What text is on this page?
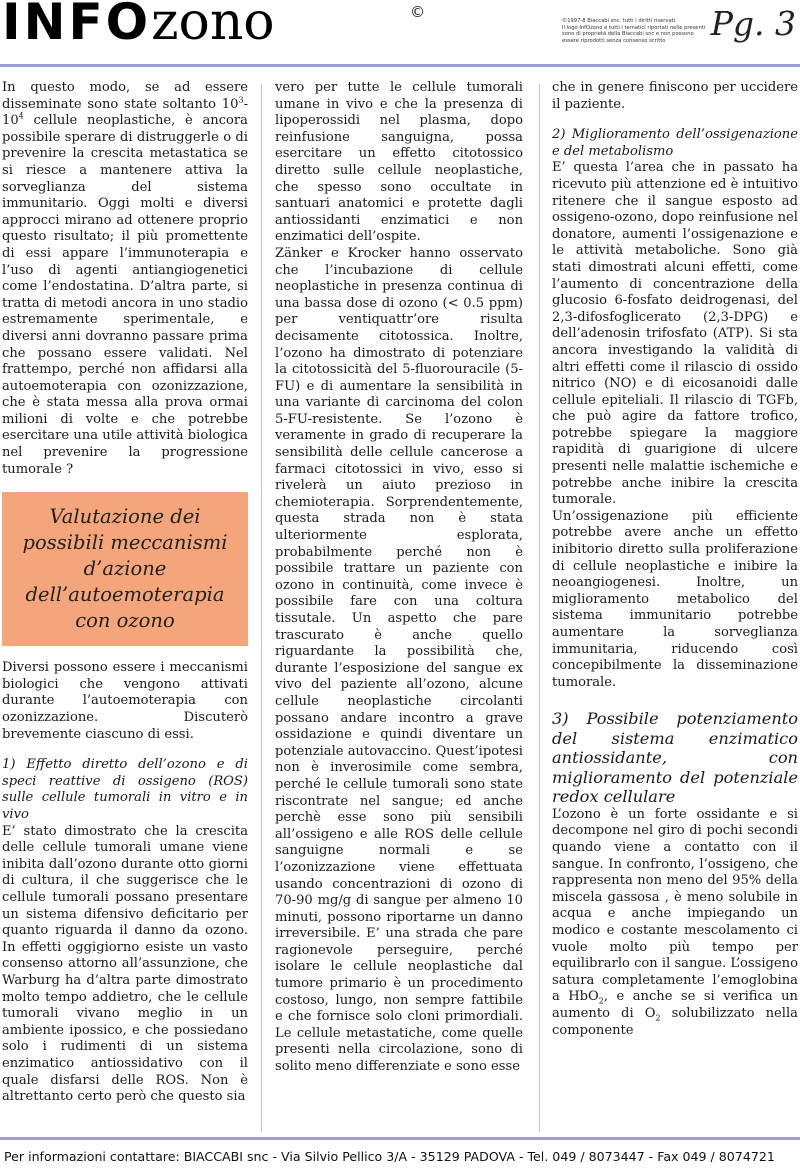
INFOzono	©	©1997-8 Biaccabi snc. tutti i diritti riservati.
Il logo InfOzono e tutti i tematici riportati nelle presenti
sono di proprietà della Biaccabi snc e non possono
essere riprodotti senza consenso scritto	Pg. 3

In questo modo, se ad essere disseminate sono state soltanto $10^3-10^4$ cellule neoplastiche, è ancora possibile sperare di distruggerle o di prevenire la crescita metastatica se si riesce a mantenere attiva la sorveglianza del sistema immunitario. Oggi molti e diversi approcci mirano ad ottenere proprio questo risultato; il più promettente di essi appare l’immunoterapia e l’uso di agenti antiangiogenetici come l’endostatina. D’altra parte, si tratta di metodi ancora in uno stadio estremamente sperimentale, e diversi anni dovranno passare prima che possano essere validati. Nel frattempo, perché non affidarsi alla autoemoterapia con ozonizzazione, che è stata messa alla prova ormai milioni di volte e che potrebbe esercitare una utile attività biologica nel prevenire la progressione tumorale ?

Valutazione dei possibili meccanismi d’azione dell’autoemoterapia con ozono

Diversi possono essere i meccanismi biologici che vengono attivati durante l’autoemoterapia con ozonizzazione. Discuterò brevemente ciascuno di essi.

1) Effetto diretto dell’ozono e di speci reattive di ossigeno (ROS) sulle cellule tumorali in vitro e in vivo

E’ stato dimostrato che la crescita delle cellule tumorali umane viene inibita dall’ozono durante otto giorni di cultura, il che suggerisce che le cellule tumorali possano presentare un sistema difensivo deficitario per quanto riguarda il danno da ozono. In effetti oggigiorno esiste un vasto consenso attorno all’assunzione, che Warburg ha d’altra parte dimostrato molto tempo addietro, che le cellule tumorali vivano meglio in un ambiente ipossico, e che possiedano solo i rudimenti di un sistema enzimatico antiossidativo con il quale disfarsi delle ROS. Non è altrettanto certo però che questo sia

vero per tutte le cellule tumorali umane in vivo e che la presenza di lipoperossidi nel plasma, dopo reinfusione sanguigna, possa esercitare un effetto citotossico diretto sulle cellule neoplastiche, che spesso sono occultate in santuari anatomici e protette dagli antiossidanti enzimatici e non enzimatici dell’ospite.

Zänker e Krocker hanno osservato che l’incubazione di cellule neoplastiche in presenza continua di una bassa dose di ozono (< 0.5 ppm) per ventiquattr’ore risulta decisamente citotossica. Inoltre, l’ozono ha dimostrato di potenziare la citotossicità del 5-fluorouracile (5-FU) e di aumentare la sensibilità in una variante di carcinoma del colon 5-FU-resistente. Se l’ozono è veramente in grado di recuperare la sensibilità delle cellule cancerose a farmaci citotossici in vivo, esso si rivelerà un aiuto prezioso in chemioterapia. Sorprendentemente, questa strada non è stata ulteriormente esplorata, probabilmente perché non è possibile trattare un paziente con ozono in continuità, come invece è possibile fare con una coltura tissutale. Un aspetto che pare trascurato è anche quello riguardante la possibilità che, durante l’esposizione del sangue ex vivo del paziente all’ozono, alcune cellule neoplastiche circolanti possano andare incontro a grave ossidazione e quindi diventare un potenziale autovaccino. Quest’ipotesi non è inverosimile come sembra, perché le cellule tumorali sono state riscontrate nel sangue; ed anche perchè esse sono più sensibili all’ossigeno e alle ROS delle cellule sanguigne normali e se l’ozonizzazione viene effettuata usando concentrazioni di ozono di 70-90 mg/g di sangue per almeno 10 minuti, possono riportarne un danno irreversibile. E’ una strada che pare ragionevole perseguire, perché isolare le cellule neoplastiche dal tumore primario è un procedimento costoso, lungo, non sempre fattibile e che fornisce solo cloni primordiali. Le cellule metastatiche, come quelle presenti nella circolazione, sono di solito meno differenziate e sono esse

che in genere finiscono per uccidere il paziente.

2) Miglioramento dell’ossigenazione e del metabolismo

E’ questa l’area che in passato ha ricevuto più attenzione ed è intuitivo ritenere che il sangue esposto ad ossigeno-ozono, dopo reinfusione nel donatore, aumenti l’ossigenazione e le attività metaboliche. Sono già stati dimostrati alcuni effetti, come l’aumento di concentrazione della glucosio 6-fosfato deidrogenasi, del 2,3-difosfoglicerato (2,3-DPG) e dell’adenosin trifosfato (ATP). Si sta ancora investigando la validità di altri effetti come il rilascio di ossido nitrico (NO) e di eicosanoidi dalle cellule epiteliali. Il rilascio di TGFb, che può agire da fattore trofico, potrebbe spiegare la maggiore rapidità di guarigione di ulcere presenti nelle malattie ischemiche e potrebbe anche inibire la crescita tumorale.

Un’ossigenazione più efficiente potrebbe avere anche un effetto inibitorio diretto sulla proliferazione di cellule neoplastiche e inibire la neoangiogenesi. Inoltre, un miglioramento metabolico del sistema immunitario potrebbe aumentare la sorveglianza immunitaria, riducendo così concepibilmente la disseminazione tumorale.

3) Possibile potenziamento del sistema enzimatico antiossidante, con miglioramento del potenziale redox cellulare

L’ozono è un forte ossidante e si decompone nel giro di pochi secondi quando viene a contatto con il sangue. In confronto, l’ossigeno, che rappresenta non meno del 95% della miscela gassosa , è meno solubile in acqua e anche impiegando un modico e costante mescolamento ci vuole molto più tempo per equilibrarlo con il sangue. L’ossigeno satura completamente l’emoglobina a HbO$_2$, e anche se si verifica un aumento di $O_2$ solubilizzato nella componente

Per informazioni contattare: BIACCABI snc - Via Silvio Pellico 3/A - 35129 PADOVA - Tel. 049 / 8073447 - Fax 049 / 8074721
